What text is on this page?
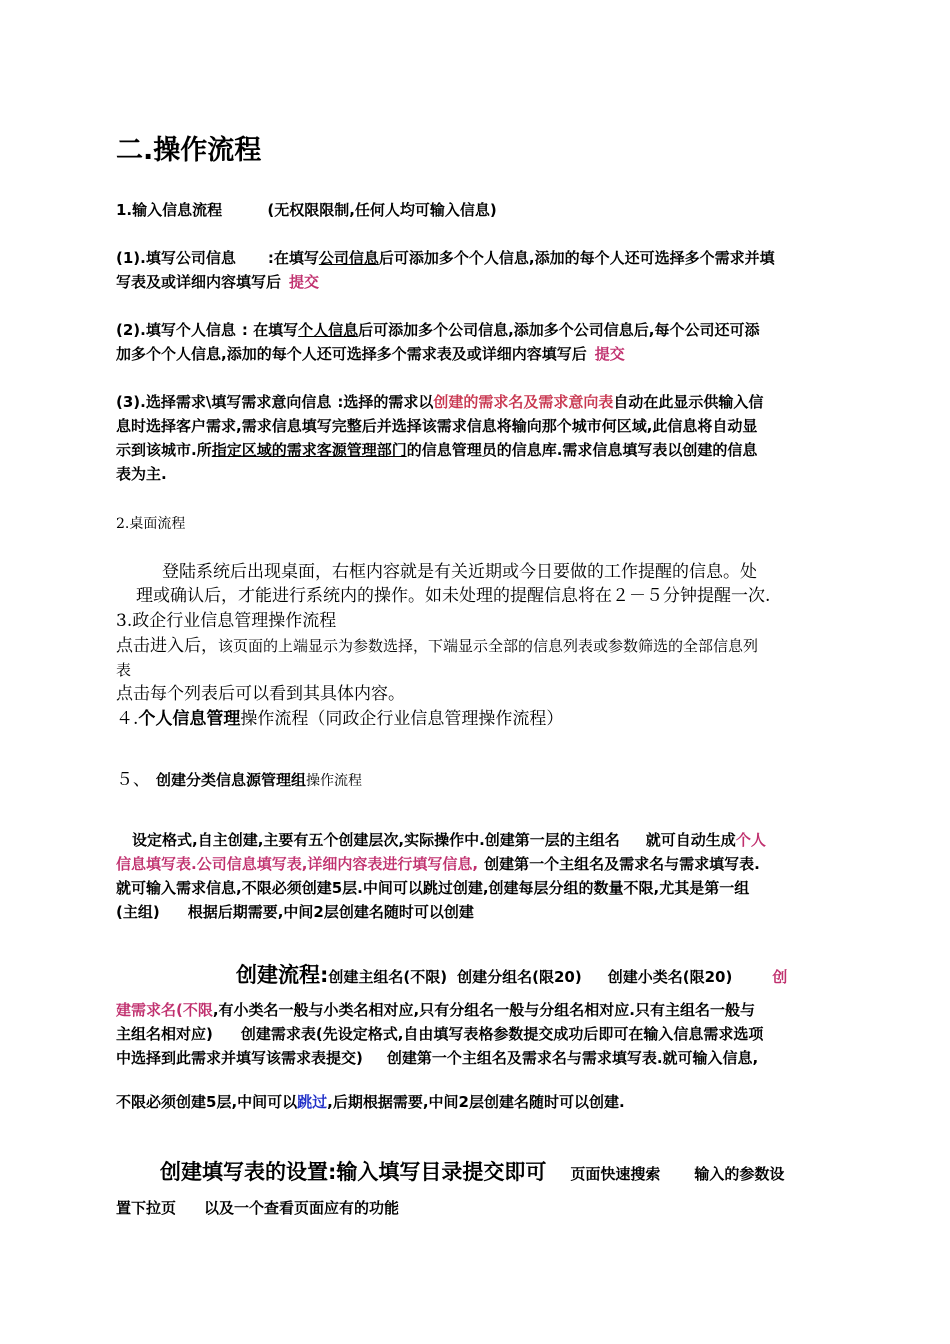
二.操作流程
1.输入信息流程	(无权限限制,任何人均可输入信息)
(1).填写公司信息 :在填写公司信息后可添加多个个人信息,添加的每个人还可选择多个需求并填
写表及或详细内容填写后 提交
(2).填写个人信息 : 在填写个人信息后可添加多个公司信息,添加多个公司信息后,每个公司还可添
加多个个人信息,添加的每个人还可选择多个需求表及或详细内容填写后 提交
(3).选择需求\填写需求意向信息 :选择的需求以创建的需求名及需求意向表自动在此显示供输入信
息时选择客户需求,需求信息填写完整后并选择该需求信息将输向那个城市何区域,此信息将自动显
示到该城市.所指定区域的需求客源管理部门的信息管理员的信息库.需求信息填写表以创建的信息
表为主.
2.桌面流程
登陆系统后出现桌面，右框内容就是有关近期或今日要做的工作提醒的信息。处
理或确认后，才能进行系统内的操作。如未处理的提醒信息将在２－５分钟提醒一次.
3.政企行业信息管理操作流程
点击进入后，该页面的上端显示为参数选择，下端显示全部的信息列表或参数筛选的全部信息列
表
点击每个列表后可以看到其具体内容。
４.个人信息管理操作流程（同政企行业信息管理操作流程）
５、 创建分类信息源管理组操作流程
设定格式,自主创建,主要有五个创建层次,实际操作中.创建第一层的主组名 就可自动生成个人
信息填写表.公司信息填写表,详细内容表进行填写信息, 创建第一个主组名及需求名与需求填写表.
就可输入需求信息,不限必须创建5层.中间可以跳过创建,创建每层分组的数量不限,尤其是第一组
(主组) 根据后期需要,中间2层创建名随时可以创建
创建流程:创建主组名(不限) 创建分组名(限20) 创建小类名(限20)	创
建需求名(不限,有小类名一般与小类名相对应,只有分组名一般与分组名相对应.只有主组名一般与
主组名相对应) 创建需求表(先设定格式,自由填写表格参数提交成功后即可在输入信息需求选项
中选择到此需求并填写该需求表提交) 创建第一个主组名及需求名与需求填写表.就可输入信息,
不限必须创建5层,中间可以跳过,后期根据需要,中间2层创建名随时可以创建.
创建填写表的设置:输入填写目录提交即可 页面快速搜索 输入的参数设
置下拉页 以及一个查看页面应有的功能
